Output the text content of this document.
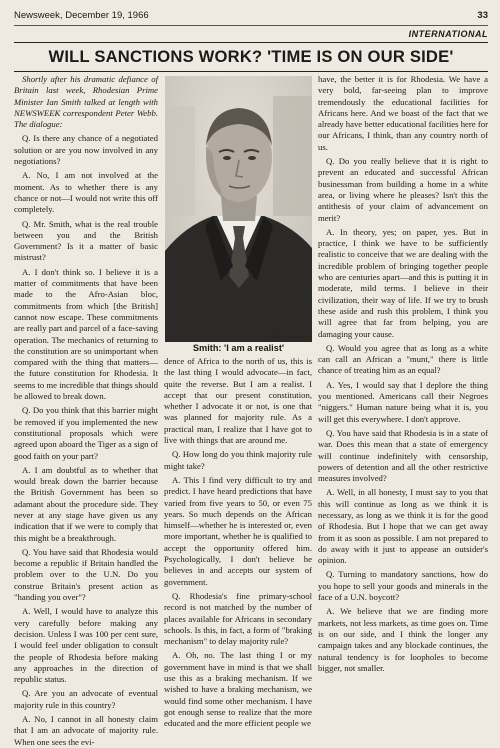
Newsweek, December 19, 1966	33
INTERNATIONAL
WILL SANCTIONS WORK? 'TIME IS ON OUR SIDE'

Shortly after his dramatic defiance of Britain last week, Rhodesian Prime Minister Ian Smith talked at length with NEWSWEEK correspondent Peter Webb. The dialogue:

Q. Is there any chance of a negotiated solution or are you now involved in any negotiations?

A. No, I am not involved at the moment. As to whether there is any chance or not—I would not write this off completely.

Q. Mr. Smith, what is the real trouble between you and the British Government? Is it a matter of basic mistrust?

A. I don't think so. I believe it is a matter of commitments that have been made to the Afro-Asian bloc, commitments from which [the British] cannot now escape. These commitments are really part and parcel of a face-saving operation. The mechanics of returning to the constitution are so unimportant when compared with the thing that matters—the future constitution for Rhodesia. It seems to me incredible that things should be allowed to break down.

Q. Do you think that this barrier might be removed if you implemented the new constitutional proposals which were agreed upon aboard the Tiger as a sign of good faith on your part?

A. I am doubtful as to whether that would break down the barrier because the British Government has been so adamant about the procedure side. They never at any stage have given us any indication that if we were to comply that this might be a breakthrough.

Q. You have said that Rhodesia would become a republic if Britain handled the problem over to the U.N. Do you construe Britain's present action as "handing you over"?

A. Well, I would have to analyze this very carefully before making any decision. Unless I was 100 per cent sure, I would feel under obligation to consult the people of Rhodesia before making any approaches in the direction of republic status.

Q. Are you an advocate of eventual majority rule in this country?

A. No, I cannot in all honesty claim that I am an advocate of majority rule. When one sees the evi-

Ian Berry—Magnum
Smith: 'I am a realist'

dence of Africa to the north of us, this is the last thing I would advocate—in fact, quite the reverse. But I am a realist. I accept that our present constitution, whether I advocate it or not, is one that was planned for majority rule. As a practical man, I realize that I have got to live with things that are around me.

Q. How long do you think majority rule might take?

A. This I find very difficult to try and predict. I have heard predictions that have varied from five years to 50, or even 75 years. So much depends on the African himself—whether he is interested or, even more important, whether he is qualified to accept the opportunity offered him. Psychologically, I don't believe he believes in and accepts our system of government.

Q. Rhodesia's fine primary-school record is not matched by the number of places available for Africans in secondary schools. Is this, in fact, a form of "braking mechanism" to delay majority rule?

A. Oh, no. The last thing I or my government have in mind is that we shall use this as a braking mechanism. If we wished to have a braking mechanism, we would find some other mechanism. I have got enough sense to realize that the more educated and the more efficient people we

have, the better it is for Rhodesia. We have a very bold, far-seeing plan to improve tremendously the educational facilities for Africans here. And we boast of the fact that we already have better educational facilities here for our Africans, I think, than any country north of us.

Q. Do you really believe that it is right to prevent an educated and successful African businessman from building a home in a white area, or living where he pleases? Isn't this the antithesis of your claim of advancement on merit?

A. In theory, yes; on paper, yes. But in practice, I think we have to be sufficiently realistic to conceive that we are dealing with the incredible problem of bringing together people who are centuries apart—and this is putting it in moderate, mild terms. I believe in their civilization, their way of life. If we try to brush these aside and rush this problem, I think you will agree that far from helping, you are damaging your cause.

Q. Would you agree that as long as a white can call an African a "munt," there is little chance of treating him as an equal?

A. Yes, I would say that I deplore the thing you mentioned. Americans call their Negroes "niggers." Human nature being what it is, you will get this everywhere. I don't approve.

Q. You have said that Rhodesia is in a state of war. Does this mean that a state of emergency will continue indefinitely with censorship, powers of detention and all the other restrictive measures involved?

A. Well, in all honesty, I must say to you that this will continue as long as we think it is necessary, as long as we think it is for the good of Rhodesia. But I hope that we can get away from it as soon as possible. I am not prepared to do away with it just to appease an outsider's opinion.

Q. Turning to mandatory sanctions, how do you hope to sell your goods and minerals in the face of a U.N. boycott?

A. We believe that we are finding more markets, not less markets, as time goes on. Time is on our side, and I think the longer any campaign takes and any blockade continues, the natural tendency is for loopholes to become bigger, not smaller.
